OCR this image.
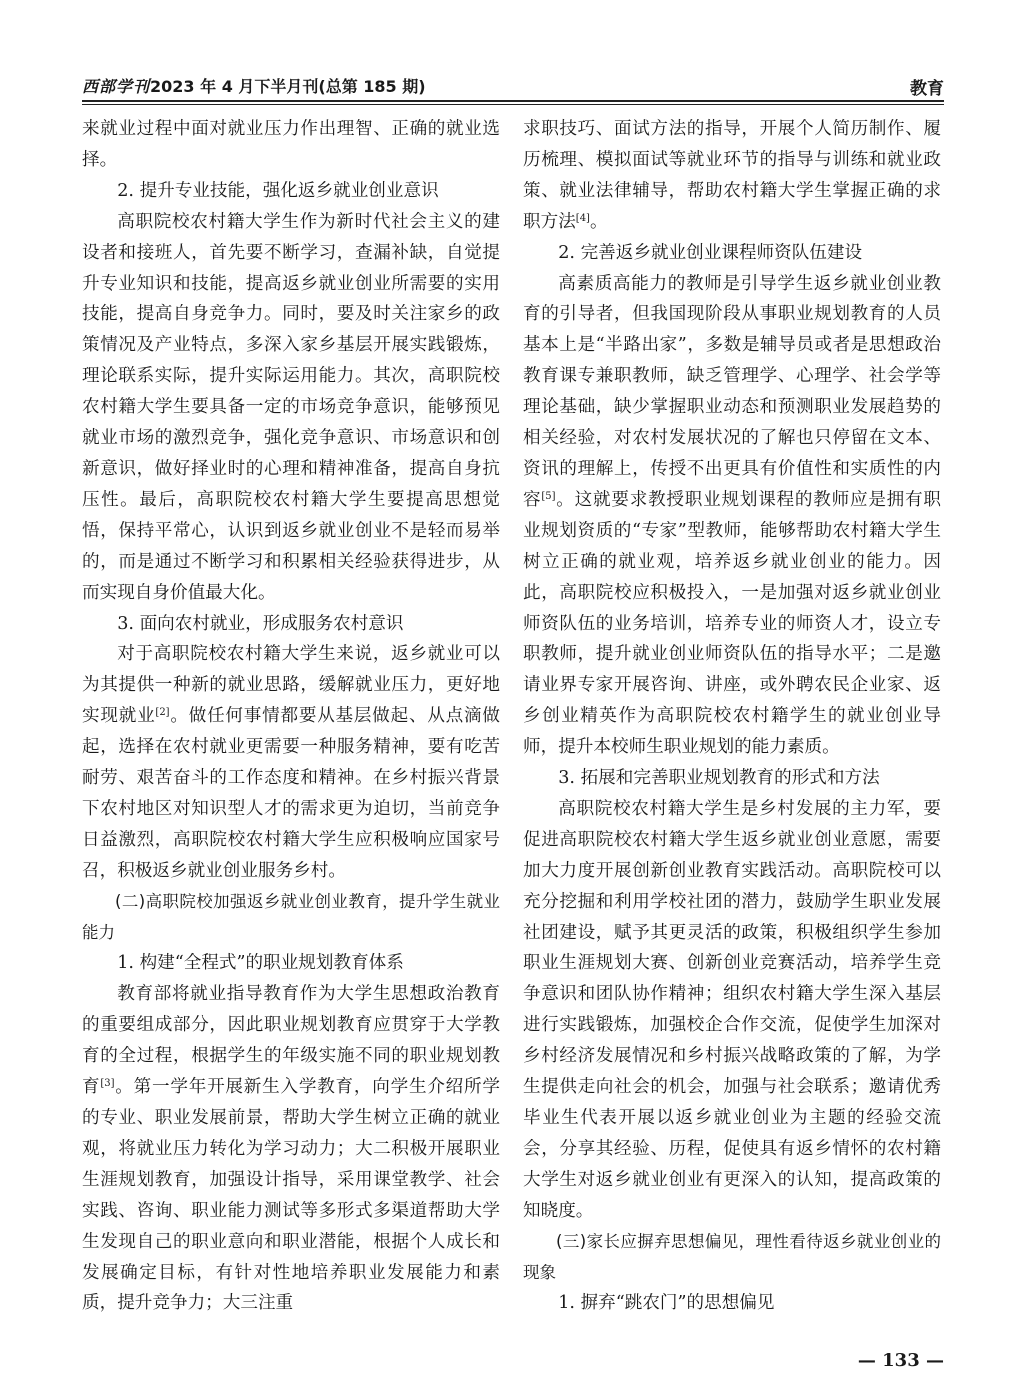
西部学刊2023 年 4 月下半月刊(总第 185 期)	教育

来就业过程中面对就业压力作出理智、正确的就业选择。

2. 提升专业技能，强化返乡就业创业意识

高职院校农村籍大学生作为新时代社会主义的建设者和接班人，首先要不断学习，查漏补缺，自觉提升专业知识和技能，提高返乡就业创业所需要的实用技能，提高自身竞争力。同时，要及时关注家乡的政策情况及产业特点，多深入家乡基层开展实践锻炼，理论联系实际，提升实际运用能力。其次，高职院校农村籍大学生要具备一定的市场竞争意识，能够预见就业市场的激烈竞争，强化竞争意识、市场意识和创新意识，做好择业时的心理和精神准备，提高自身抗压性。最后，高职院校农村籍大学生要提高思想觉悟，保持平常心，认识到返乡就业创业不是轻而易举的，而是通过不断学习和积累相关经验获得进步，从而实现自身价值最大化。

3. 面向农村就业，形成服务农村意识

对于高职院校农村籍大学生来说，返乡就业可以为其提供一种新的就业思路，缓解就业压力，更好地实现就业[2]。做任何事情都要从基层做起、从点滴做起，选择在农村就业更需要一种服务精神，要有吃苦耐劳、艰苦奋斗的工作态度和精神。在乡村振兴背景下农村地区对知识型人才的需求更为迫切，当前竞争日益激烈，高职院校农村籍大学生应积极响应国家号召，积极返乡就业创业服务乡村。

(二)高职院校加强返乡就业创业教育，提升学生就业能力

1. 构建“全程式”的职业规划教育体系

教育部将就业指导教育作为大学生思想政治教育的重要组成部分，因此职业规划教育应贯穿于大学教育的全过程，根据学生的年级实施不同的职业规划教育[3]。第一学年开展新生入学教育，向学生介绍所学的专业、职业发展前景，帮助大学生树立正确的就业观，将就业压力转化为学习动力；大二积极开展职业生涯规划教育，加强设计指导，采用课堂教学、社会实践、咨询、职业能力测试等多形式多渠道帮助大学生发现自己的职业意向和职业潜能，根据个人成长和发展确定目标，有针对性地培养职业发展能力和素质，提升竞争力；大三注重

求职技巧、面试方法的指导，开展个人简历制作、履历梳理、模拟面试等就业环节的指导与训练和就业政策、就业法律辅导，帮助农村籍大学生掌握正确的求职方法[4]。

2. 完善返乡就业创业课程师资队伍建设

高素质高能力的教师是引导学生返乡就业创业教育的引导者，但我国现阶段从事职业规划教育的人员基本上是“半路出家”，多数是辅导员或者是思想政治教育课专兼职教师，缺乏管理学、心理学、社会学等理论基础，缺少掌握职业动态和预测职业发展趋势的相关经验，对农村发展状况的了解也只停留在文本、资讯的理解上，传授不出更具有价值性和实质性的内容[5]。这就要求教授职业规划课程的教师应是拥有职业规划资质的“专家”型教师，能够帮助农村籍大学生树立正确的就业观，培养返乡就业创业的能力。因此，高职院校应积极投入，一是加强对返乡就业创业师资队伍的业务培训，培养专业的师资人才，设立专职教师，提升就业创业师资队伍的指导水平；二是邀请业界专家开展咨询、讲座，或外聘农民企业家、返乡创业精英作为高职院校农村籍学生的就业创业导师，提升本校师生职业规划的能力素质。

3. 拓展和完善职业规划教育的形式和方法

高职院校农村籍大学生是乡村发展的主力军，要促进高职院校农村籍大学生返乡就业创业意愿，需要加大力度开展创新创业教育实践活动。高职院校可以充分挖掘和利用学校社团的潜力，鼓励学生职业发展社团建设，赋予其更灵活的政策，积极组织学生参加职业生涯规划大赛、创新创业竞赛活动，培养学生竞争意识和团队协作精神；组织农村籍大学生深入基层进行实践锻炼，加强校企合作交流，促使学生加深对乡村经济发展情况和乡村振兴战略政策的了解，为学生提供走向社会的机会，加强与社会联系；邀请优秀毕业生代表开展以返乡就业创业为主题的经验交流会，分享其经验、历程，促使具有返乡情怀的农村籍大学生对返乡就业创业有更深入的认知，提高政策的知晓度。

(三)家长应摒弃思想偏见，理性看待返乡就业创业的现象

1. 摒弃“跳农门”的思想偏见

— 133 —
